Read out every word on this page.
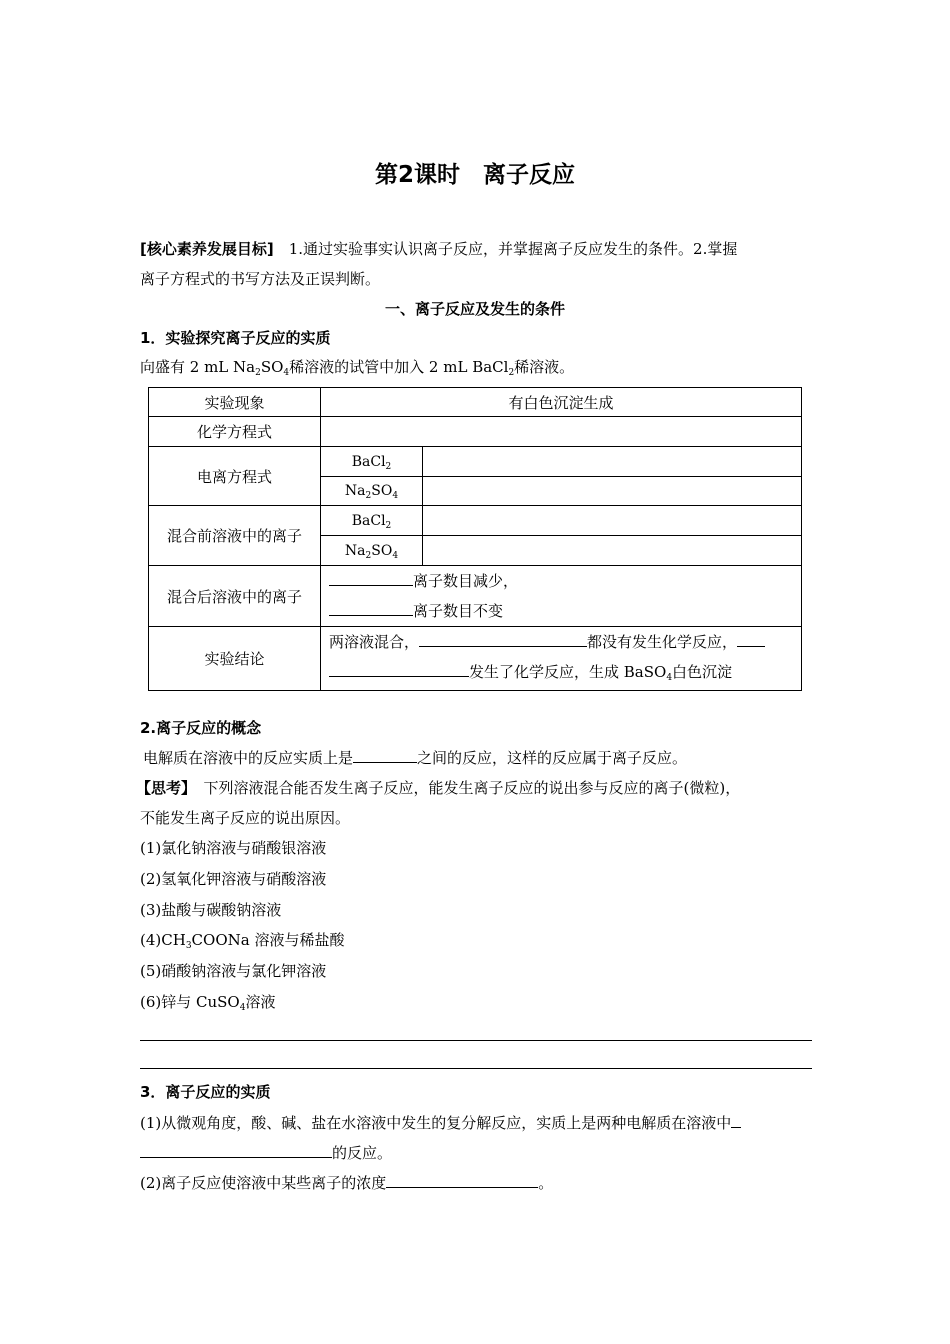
第2课时　离子反应
[核心素养发展目标]　1.通过实验事实认识离子反应，并掌握离子反应发生的条件。2.掌握
离子方程式的书写方法及正误判断。
一、离子反应及发生的条件
1．实验探究离子反应的实质
向盛有 2 mL $Na_2SO_4$稀溶液的试管中加入 2 mL BaCl$_2$稀溶液。
实验现象	有白色沉淀生成	
化学方程式		
电离方程式	BaCl$_2$	
	$Na_2SO_4$	
混合前溶液中的离子	BaCl$_2$	
	$Na_2SO_4$	
混合后溶液中的离子	离子数目减少，
离子数目不变	

实验结论	两溶液混合， 都没有发生化学反应，
发生了化学反应，生成 BaSO$_4$白色沉淀	
2.离子反应的概念
电解质在溶液中的反应实质上是	之间的反应，这样的反应属于离子反应。
【思考】　下列溶液混合能否发生离子反应，能发生离子反应的说出参与反应的离子(微粒)，
不能发生离子反应的说出原因。
(1)氯化钠溶液与硝酸银溶液
(2)氢氧化钾溶液与硝酸溶液
(3)盐酸与碳酸钠溶液
$(4)CH_3COONa$ 溶液与稀盐酸
(5)硝酸钠溶液与氯化钾溶液
(6)锌与 CuSO$_4$溶液
3．离子反应的实质
(1)从微观角度，酸、碱、盐在水溶液中发生的复分解反应，实质上是两种电解质在溶液中
的反应。
(2)离子反应使溶液中某些离子的浓度	。
